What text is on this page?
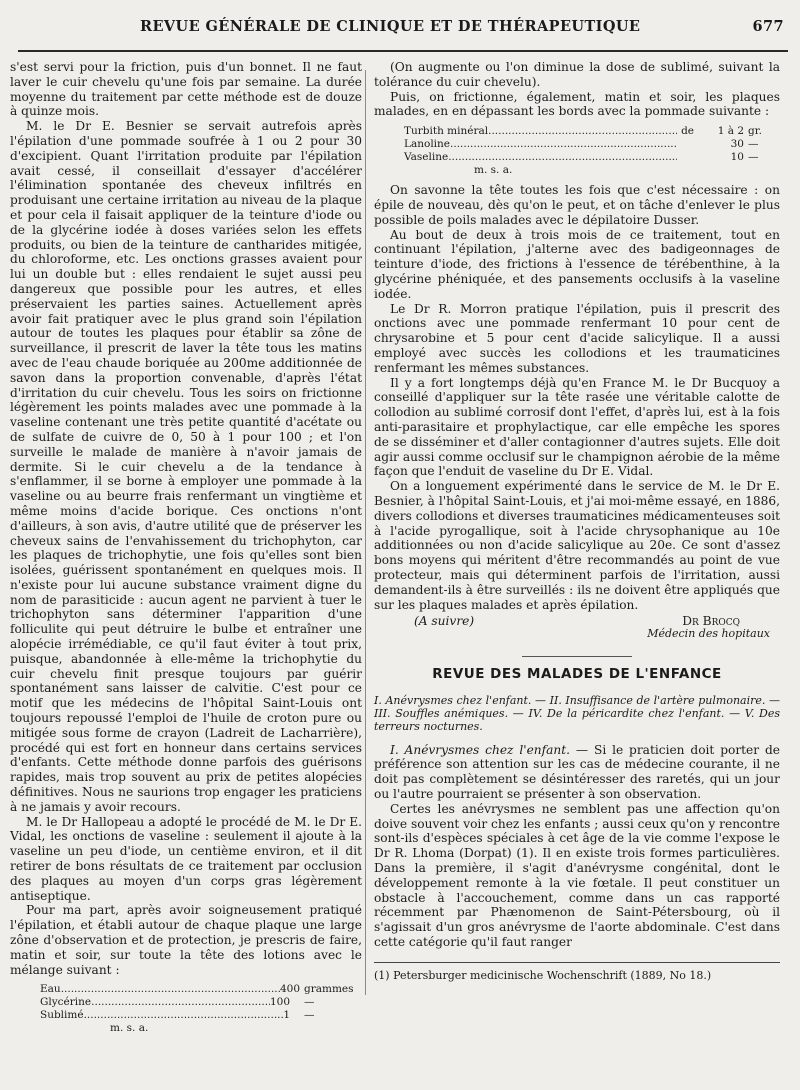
REVUE GÉNÉRALE DE CLINIQUE ET DE THÉRAPEUTIQUE	677

s'est servi pour la friction, puis d'un bonnet. Il ne faut laver le cuir chevelu qu'une fois par semaine. La durée moyenne du traitement par cette méthode est de douze à quinze mois.

M. le Dr E. Besnier se servait autrefois après l'épilation d'une pommade soufrée à 1 ou 2 pour 30 d'excipient. Quant l'irritation produite par l'épilation avait cessé, il conseillait d'essayer d'accélérer l'élimination spontanée des cheveux infiltrés en produisant une certaine irritation au niveau de la plaque et pour cela il faisait appliquer de la teinture d'iode ou de la glycérine iodée à doses variées selon les effets produits, ou bien de la teinture de cantharides mitigée, du chloroforme, etc. Les onctions grasses avaient pour lui un double but : elles rendaient le sujet aussi peu dangereux que possible pour les autres, et elles préservaient les parties saines. Actuellement après avoir fait pratiquer avec le plus grand soin l'épilation autour de toutes les plaques pour établir sa zône de surveillance, il prescrit de laver la tête tous les matins avec de l'eau chaude boriquée au 200me additionnée de savon dans la proportion convenable, d'après l'état d'irritation du cuir chevelu. Tous les soirs on frictionne légèrement les points malades avec une pommade à la vaseline contenant une très petite quantité d'acétate ou de sulfate de cuivre de 0, 50 à 1 pour 100 ; et l'on surveille le malade de manière à n'avoir jamais de dermite. Si le cuir chevelu a de la tendance à s'enflammer, il se borne à employer une pommade à la vaseline ou au beurre frais renfermant un vingtième et même moins d'acide borique. Ces onctions n'ont d'ailleurs, à son avis, d'autre utilité que de préserver les cheveux sains de l'envahissement du trichophyton, car les plaques de trichophytie, une fois qu'elles sont bien isolées, guérissent spontanément en quelques mois. Il n'existe pour lui aucune substance vraiment digne du nom de parasiticide : aucun agent ne parvient à tuer le trichophyton sans déterminer l'apparition d'une folliculite qui peut détruire le bulbe et entraîner une alopécie irrémédiable, ce qu'il faut éviter à tout prix, puisque, abandonnée à elle-même la trichophytie du cuir chevelu finit presque toujours par guérir spontanément sans laisser de calvitie. C'est pour ce motif que les médecins de l'hôpital Saint-Louis ont toujours repoussé l'emploi de l'huile de croton pure ou mitigée sous forme de crayon (Ladreit de Lacharrière), procédé qui est fort en honneur dans certains services d'enfants. Cette méthode donne parfois des guérisons rapides, mais trop souvent au prix de petites alopécies définitives. Nous ne saurions trop engager les praticiens à ne jamais y avoir recours.

M. le Dr Hallopeau a adopté le procédé de M. le Dr E. Vidal, les onctions de vaseline : seulement il ajoute à la vaseline un peu d'iode, un centième environ, et il dit retirer de bons résultats de ce traitement par occlusion des plaques au moyen d'un corps gras légèrement antiseptique.

Pour ma part, après avoir soigneusement pratiqué l'épilation, et établi autour de chaque plaque une large zône d'observation et de protection, je prescris de faire, matin et soir, sur toute la tête des lotions avec le mélange suivant :

Eau .....	400 grammes
Glycérine .....	100	—
Sublimé .....	1	—
m. s. a.

(On augmente ou l'on diminue la dose de sublimé, suivant la tolérance du cuir chevelu).

Puis, on frictionne, également, matin et soir, les plaques malades, en en dépassant les bords avec la pommade suivante :

Turbith minéral .....	de	1 à 2 gr.
Lanoline .....	30 —
Vaseline .....	10 —
m. s. a.

On savonne la tête toutes les fois que c'est nécessaire : on épile de nouveau, dès qu'on le peut, et on tâche d'enlever le plus possible de poils malades avec le dépilatoire Dusser.

Au bout de deux à trois mois de ce traitement, tout en continuant l'épilation, j'alterne avec des badigeonnages de teinture d'iode, des frictions à l'essence de térébenthine, à la glycérine phéniquée, et des pansements occlusifs à la vaseline iodée.

Le Dr R. Morron pratique l'épilation, puis il prescrit des onctions avec une pommade renfermant 10 pour cent de chrysarobine et 5 pour cent d'acide salicylique. Il a aussi employé avec succès les collodions et les traumaticines renfermant les mêmes substances.

Il y a fort longtemps déjà qu'en France M. le Dr Bucquoy a conseillé d'appliquer sur la tête rasée une véritable calotte de collodion au sublimé corrosif dont l'effet, d'après lui, est à la fois anti-parasitaire et prophylactique, car elle empêche les spores de se disséminer et d'aller contagionner d'autres sujets. Elle doit agir aussi comme occlusif sur le champignon aérobie de la même façon que l'enduit de vaseline du Dr E. Vidal.

On a longuement expérimenté dans le service de M. le Dr E. Besnier, à l'hôpital Saint-Louis, et j'ai moi-même essayé, en 1886, divers collodions et diverses traumaticines médicamenteuses soit à l'acide pyrogallique, soit à l'acide chrysophanique au 10e additionnées ou non d'acide salicylique au 20e. Ce sont d'assez bons moyens qui méritent d'être recommandés au point de vue protecteur, mais qui déterminent parfois de l'irritation, aussi demandent-ils à être surveillés : ils ne doivent être appliqués que sur les plaques malades et après épilation.

(A suivre)	Dr Brocq
Médecin des hopitaux
REVUE DES MALADES DE L'ENFANCE

I. Anévrysmes chez l'enfant. — II. Insuffisance de l'artère pulmonaire. — III. Souffles anémiques. — IV. De la péricardite chez l'enfant. — V. Des terreurs nocturnes.

I. Anévrysmes chez l'enfant. — Si le praticien doit porter de préférence son attention sur les cas de médecine courante, il ne doit pas complètement se désintéresser des raretés, qui un jour ou l'autre pourraient se présenter à son observation.

Certes les anévrysmes ne semblent pas une affection qu'on doive souvent voir chez les enfants ; aussi ceux qu'on y rencontre sont-ils d'espèces spéciales à cet âge de la vie comme l'expose le Dr R. Lhoma (Dorpat) (1). Il en existe trois formes particulières. Dans la première, il s'agit d'anévrysme congénital, dont le développement remonte à la vie fœtale. Il peut constituer un obstacle à l'accouchement, comme dans un cas rapporté récemment par Phænomenon de Saint-Pétersbourg, où il s'agissait d'un gros anévrysme de l'aorte abdominale. C'est dans cette catégorie qu'il faut ranger

(1) Petersburger medicinische Wochenschrift (1889, No 18.)
